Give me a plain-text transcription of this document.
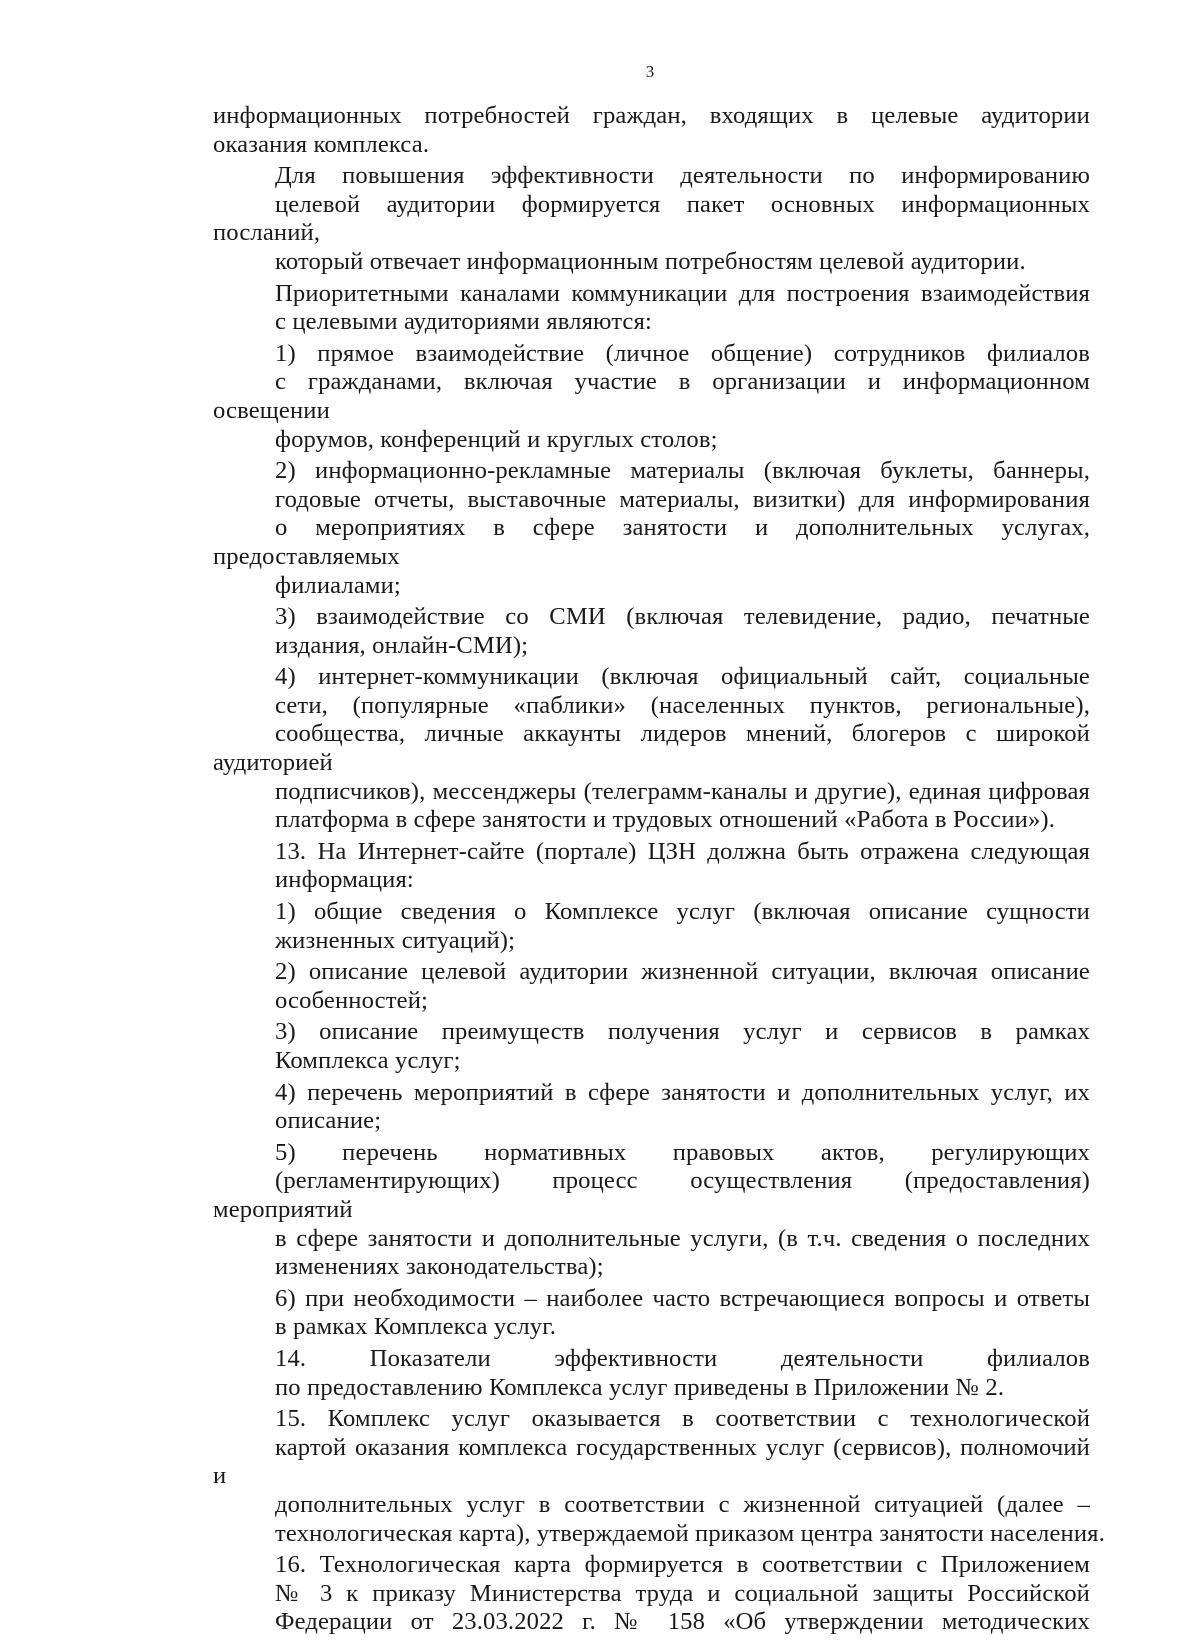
3
информационных потребностей граждан, входящих в целевые аудитории
оказания комплекса.
Для повышения эффективности деятельности по информированию
целевой аудитории формируется пакет основных информационных посланий,
который отвечает информационным потребностям целевой аудитории.
Приоритетными каналами коммуникации для построения взаимодействия
с целевыми аудиториями являются:
1) прямое взаимодействие (личное общение) сотрудников филиалов
с гражданами, включая участие в организации и информационном освещении
форумов, конференций и круглых столов;
2) информационно-рекламные материалы (включая буклеты, баннеры,
годовые отчеты, выставочные материалы, визитки) для информирования
о мероприятиях в сфере занятости и дополнительных услугах, предоставляемых
филиалами;
3) взаимодействие со СМИ (включая телевидение, радио, печатные
издания, онлайн-СМИ);
4) интернет-коммуникации (включая официальный сайт, социальные
сети, (популярные «паблики» (населенных пунктов, региональные),
сообщества, личные аккаунты лидеров мнений, блогеров с широкой аудиторией
подписчиков), мессенджеры (телеграмм-каналы и другие), единая цифровая
платформа в сфере занятости и трудовых отношений «Работа в России»).
13. На Интернет-сайте (портале) ЦЗН должна быть отражена следующая
информация:
1) общие сведения о Комплексе услуг (включая описание сущности
жизненных ситуаций);
2) описание целевой аудитории жизненной ситуации, включая описание
особенностей;
3) описание преимуществ получения услуг и сервисов в рамках
Комплекса услуг;
4) перечень мероприятий в сфере занятости и дополнительных услуг, их
описание;
5) перечень нормативных правовых актов, регулирующих
(регламентирующих) процесс осуществления (предоставления) мероприятий
в сфере занятости и дополнительные услуги, (в т.ч. сведения о последних
изменениях законодательства);
6) при необходимости – наиболее часто встречающиеся вопросы и ответы
в рамках Комплекса услуг.
14. Показатели эффективности деятельности филиалов
по предоставлению Комплекса услуг приведены в Приложении № 2.
15. Комплекс услуг оказывается в соответствии с технологической
картой оказания комплекса государственных услуг (сервисов), полномочий и
дополнительных услуг в соответствии с жизненной ситуацией (далее –
технологическая карта), утверждаемой приказом центра занятости населения.
16. Технологическая карта формируется в соответствии с Приложением
№ 3 к приказу Министерства труда и социальной защиты Российской
Федерации от 23.03.2022 г. № 158 «Об утверждении методических
